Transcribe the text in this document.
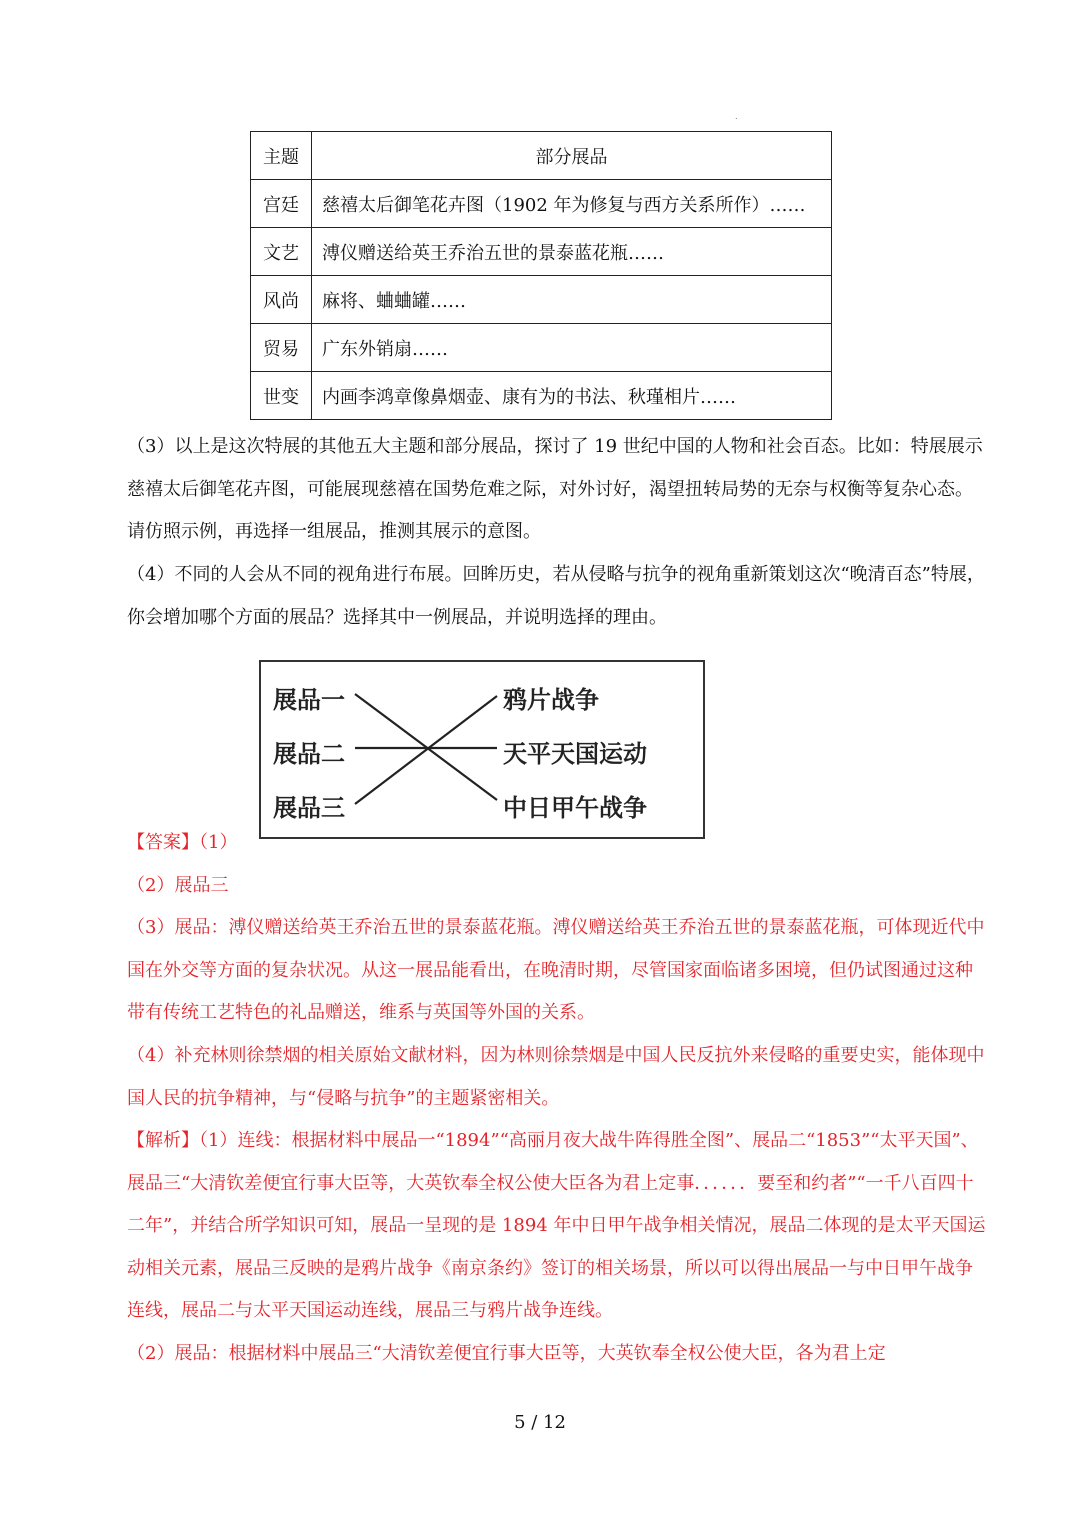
.
主题	部分展品
宫廷	慈禧太后御笔花卉图（1902 年为修复与西方关系所作）……
文艺	溥仪赠送给英王乔治五世的景泰蓝花瓶……
风尚	麻将、蛐蛐罐……
贸易	广东外销扇……
世变	内画李鸿章像鼻烟壶、康有为的书法、秋瑾相片……

（3）以上是这次特展的其他五大主题和部分展品，探讨了 19 世纪中国的人物和社会百态。比如：特展展示慈禧太后御笔花卉图，可能展现慈禧在国势危难之际，对外讨好，渴望扭转局势的无奈与权衡等复杂心态。请仿照示例，再选择一组展品，推测其展示的意图。

（4）不同的人会从不同的视角进行布展。回眸历史，若从侵略与抗争的视角重新策划这次“晚清百态”特展，你会增加哪个方面的展品？选择其中一例展品，并说明选择的理由。

展品一
展品二
展品三
鸦片战争
天平天国运动
中日甲午战争

【答案】（1）

（2）展品三

（3）展品：溥仪赠送给英王乔治五世的景泰蓝花瓶。溥仪赠送给英王乔治五世的景泰蓝花瓶，可体现近代中国在外交等方面的复杂状况。从这一展品能看出，在晚清时期，尽管国家面临诸多困境，但仍试图通过这种带有传统工艺特色的礼品赠送，维系与英国等外国的关系。

（4）补充林则徐禁烟的相关原始文献材料，因为林则徐禁烟是中国人民反抗外来侵略的重要史实，能体现中国人民的抗争精神，与“侵略与抗争”的主题紧密相关。

【解析】（1）连线：根据材料中展品一“1894”“高丽月夜大战牛阵得胜全图”、展品二“1853”“太平天国”、展品三“大清钦差便宜行事大臣等，大英钦奉全权公使大臣各为君上定事．．．．．．要至和约者”“一千八百四十二年”，并结合所学知识可知，展品一呈现的是 1894 年中日甲午战争相关情况，展品二体现的是太平天国运动相关元素，展品三反映的是鸦片战争《南京条约》签订的相关场景，所以可以得出展品一与中日甲午战争连线，展品二与太平天国运动连线，展品三与鸦片战争连线。

（2）展品：根据材料中展品三“大清钦差便宜行事大臣等，大英钦奉全权公使大臣，各为君上定

5 / 12
